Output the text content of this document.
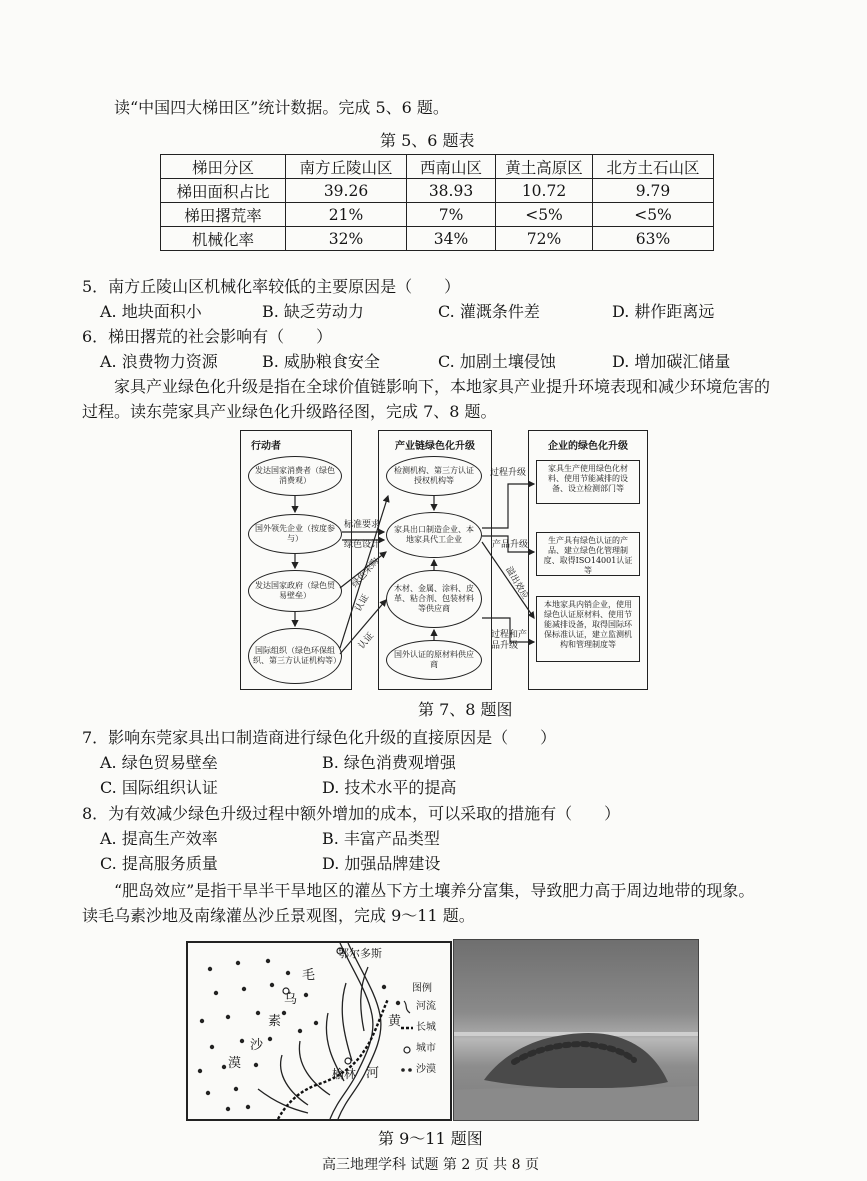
读“中国四大梯田区”统计数据。完成 5、6 题。
第 5、6 题表
梯田分区	南方丘陵山区	西南山区	黄土高原区	北方土石山区
梯田面积占比	39.26	38.93	10.72	9.79
梯田撂荒率	21%	7%	<5%	<5%
机械化率	32%	34%	72%	63%
5．南方丘陵山区机械化率较低的主要原因是（　　）
A. 地块面积小	B. 缺乏劳动力	C. 灌溉条件差	D. 耕作距离远
6．梯田撂荒的社会影响有（　　）
A. 浪费物力资源	B. 威胁粮食安全	C. 加剧土壤侵蚀	D. 增加碳汇储量
家具产业绿色化升级是指在全球价值链影响下，本地家具产业提升环境表现和减少环境危害的
过程。读东莞家具产业绿色化升级路径图，完成 7、8 题。
行动者	产业链绿色化升级	企业的绿色化升级
发达国家消费者（绿色消费观）
国外领先企业（按度参与）
发达国家政府（绿色贸易壁垒）
国际组织（绿色环保组织、第三方认证机构等）
检测机构、第三方认证授权机构等
家具出口制造企业、本地家具代工企业
木材、金属、涂料、皮革、粘合剂、包装材料等供应商
国外认证的原材料供应商
家具生产使用绿色化材料、使用节能减排的设备、设立检测部门等
生产具有绿色认证的产品、建立绿色化管理制度、取得ISO14001认证等
本地家具内销企业，使用绿色认证原材料、使用节能减排设备，取得国际环保标准认证，建立监测机构和管理制度等
标准要求
绿色设计
绿色采购
认证
认证
过程升级
产品升级
溢出效应
过程和产品升级
第 7、8 题图
7．影响东莞家具出口制造商进行绿色化升级的直接原因是（　　）
A. 绿色贸易壁垒	B. 绿色消费观增强
C. 国际组织认证	D. 技术水平的提高
8．为有效减少绿色升级过程中额外增加的成本，可以采取的措施有（　　）
A. 提高生产效率	B. 丰富产品类型
C. 提高服务质量	D. 加强品牌建设
“肥岛效应”是指干旱半干旱地区的灌丛下方土壤养分富集，导致肥力高于周边地带的现象。
读毛乌素沙地及南缘灌丛沙丘景观图，完成 9～11 题。
毛
乌
素
沙
漠
鄂尔多斯
榆林
黄
河
图例
河流
长城
城市
沙漠
第 9～11 题图
高三地理学科 试题 第 2 页 共 8 页
